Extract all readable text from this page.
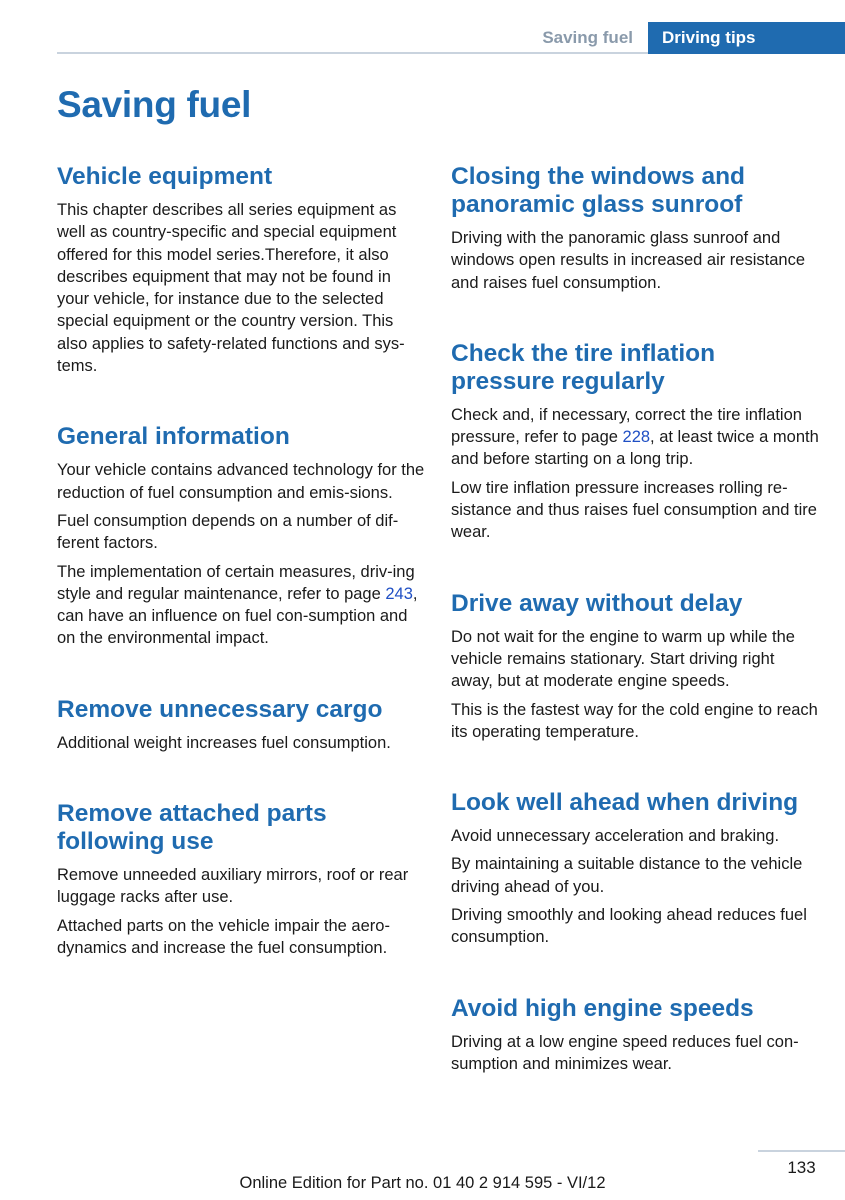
Saving fuel	Driving tips
Saving fuel
Vehicle equipment

This chapter describes all series equipment as well as country-specific and special equipment offered for this model series.Therefore, it also describes equipment that may not be found in your vehicle, for instance due to the selected special equipment or the country version. This also applies to safety-related functions and sys-tems.

General information

Your vehicle contains advanced technology for the reduction of fuel consumption and emis-sions.

Fuel consumption depends on a number of dif-ferent factors.

The implementation of certain measures, driv-ing style and regular maintenance, refer to page 243, can have an influence on fuel con-sumption and on the environmental impact.

Remove unnecessary cargo

Additional weight increases fuel consumption.

Remove attached parts following use

Remove unneeded auxiliary mirrors, roof or rear luggage racks after use.

Attached parts on the vehicle impair the aero-dynamics and increase the fuel consumption.

Closing the windows and panoramic glass sunroof

Driving with the panoramic glass sunroof and windows open results in increased air resistance and raises fuel consumption.

Check the tire inflation pressure regularly

Check and, if necessary, correct the tire inflation pressure, refer to page 228, at least twice a month and before starting on a long trip.

Low tire inflation pressure increases rolling re-sistance and thus raises fuel consumption and tire wear.

Drive away without delay

Do not wait for the engine to warm up while the vehicle remains stationary. Start driving right away, but at moderate engine speeds.

This is the fastest way for the cold engine to reach its operating temperature.

Look well ahead when driving

Avoid unnecessary acceleration and braking.

By maintaining a suitable distance to the vehicle driving ahead of you.

Driving smoothly and looking ahead reduces fuel consumption.

Avoid high engine speeds

Driving at a low engine speed reduces fuel con-sumption and minimizes wear.

133
Online Edition for Part no. 01 40 2 914 595 - VI/12
